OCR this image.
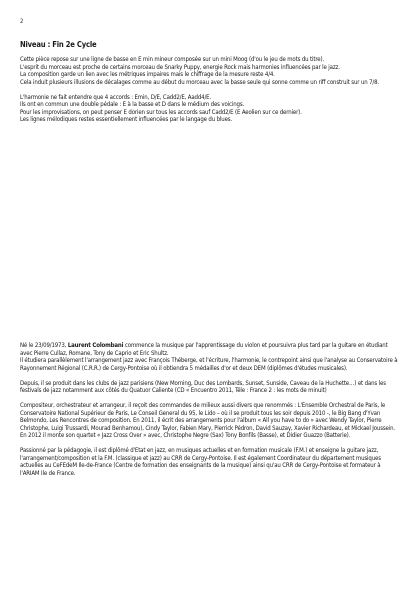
2
Niveau : Fin 2e Cycle

Cette pièce repose sur une ligne de basse en E min mineur composée sur un mini Moog (d'ou le jeu de mots du titre).
L'esprit du morceau est proche de certains morceau de Snarky Puppy, energie Rock mais harmonies influencées par le jazz.
La composition garde un lien avec les métriques impaires mais le chiffrage de la mesure reste 4/4.
Cela induit plusieurs illusions de décalages comme au début du morceau avec la basse seule qui sonne comme un riff construit sur un 7/8.

L'harmonie ne fait entendre que 4 accords : Emin, D/E, Cadd2/E, Aadd4/E.
Ils ont en commun une double pédale : E à la basse et D dans le médium des voicings.
Pour les improvisations, on peut penser E dorien sur tous les accords sauf Cadd2/E (E Aeolien sur ce dernier).
Les lignes mélodiques restes essentiellement influencées par le langage du blues.

Né le 23/09/1973, Laurent Colombani commence la musique par l'apprentissage du violon et poursuivra plus tard par la guitare en étudiant avec Pierre Cullaz, Romane, Tony de Caprio et Eric Shultz.
Il étudiera parallèlement l'arrangement jazz avec François Théberge, et l'écriture, l'harmonie, le contrepoint ainsi que l'analyse au Conservatoire à Rayonnement Régional (C.R.R.) de Cergy-Pontoise où il obtiendra 5 médailles d'or et deux DEM (diplômes d'études musicales).

Depuis, il se produit dans les clubs de jazz parisiens (New Morning, Duc des Lombards, Sunset, Sunside, Caveau de la Huchette…) et dans les festivals de jazz notamment aux côtés du Quatuor Caliente (CD « Encuentro 2011, Téle : France 2 : les mots de minuit)

Compositeur, orchestrateur et arrangeur, il reçoit des commandes de milieux aussi divers que renommés : L'Ensemble Orchestral de Paris, le Conservatoire National Supérieur de Paris, Le Conseil General du 95, le Lido – où il se produit tous les soir depuis 2010 -, le Big Bang d'Yvan Belmondo, Les Rencontres de composition. En 2011, il écrit des arrangements pour l'album « All you have to do » avec Wendy Taylor, Pierre Christophe, Luigi Trussardi, Mourad Benhamou), Cindy Taylor, Fabien Mary, Pierrick Pédron, David Sauzay, Xavier Richardeau, et Mickael Joussein.
En 2012 il monte son quartet « Jazz Cross Over » avec, Christophe Negre (Sax) Tony Bonfils (Basse), et Didier Guazzo (Batterie).

Passionné par la pédagogie, il est diplômé d'Etat en jazz, en musiques actuelles et en formation musicale (F.M.) et enseigne la guitare jazz, l'arrangement/composition et la F.M. (classique et jazz) au CRR de Cergy-Pontoise. Il est également Coordinateur du département musiques actuelles au CeFEdeM Ile-de-France (Centre de formation des enseignants de la musique) ainsi qu'au CRR de Cergy-Pontoise et formateur à l'ARIAM Ile de France.
